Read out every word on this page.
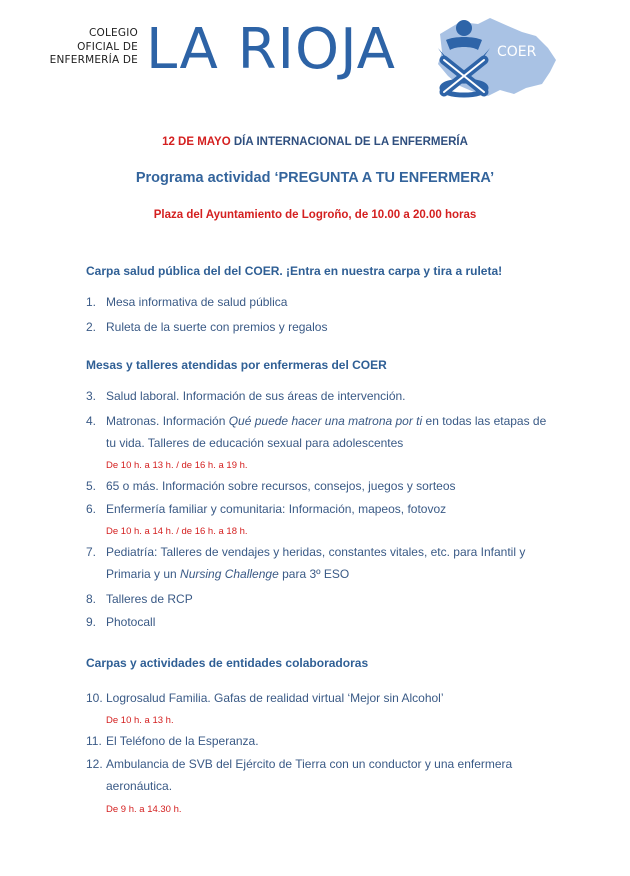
COLEGIO
OFICIAL DE
ENFERMERÍA DE LA RIOJA	COER
12 DE MAYO DÍA INTERNACIONAL DE LA ENFERMERÍA
Programa actividad ‘PREGUNTA A TU ENFERMERA’
Plaza del Ayuntamiento de Logroño, de 10.00 a 20.00 horas
Carpa salud pública del del COER. ¡Entra en nuestra carpa y tira a ruleta!
1. Mesa informativa de salud pública
2. Ruleta de la suerte con premios y regalos
Mesas y talleres atendidas por enfermeras del COER
3. Salud laboral. Información de sus áreas de intervención.
4. Matronas. Información Qué puede hacer una matrona por ti en todas las etapas de tu vida. Talleres de educación sexual para adolescentes
De 10 h. a 13 h. / de 16 h. a 19 h.
5. 65 o más. Información sobre recursos, consejos, juegos y sorteos
6. Enfermería familiar y comunitaria: Información, mapeos, fotovoz
De 10 h. a 14 h. / de 16 h. a 18 h.
7. Pediatría: Talleres de vendajes y heridas, constantes vitales, etc. para Infantil y Primaria y un Nursing Challenge para 3º ESO
8. Talleres de RCP
9. Photocall
Carpas y actividades de entidades colaboradoras
10. Logrosalud Familia. Gafas de realidad virtual ‘Mejor sin Alcohol’
De 10 h. a 13 h.
11. El Teléfono de la Esperanza.
12. Ambulancia de SVB del Ejército de Tierra con un conductor y una enfermera aeronáutica.
De 9 h. a 14.30 h.
